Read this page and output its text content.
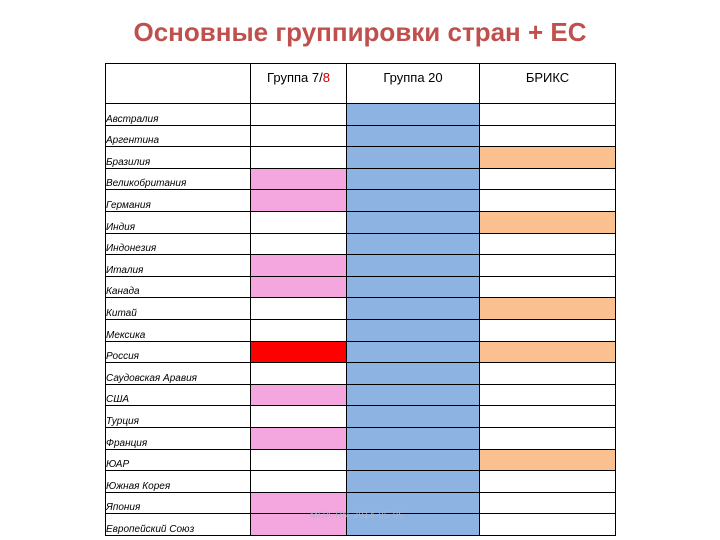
Основные группировки стран + ЕС
	Группа 7/8	Группа 20	БРИКС
Австралия			
Аргентина			
Бразилия			
Великобритания			
Германия			
Индия			
Индонезия			
Италия			
Канада			
Китай			
Мексика			
Россия			
Саудовская Аравия			
США			
Турция			
Франция			
ЮАР			
Южная Корея			
Япония			
Европейский Союз			
MOA-RN-2014-05-05
